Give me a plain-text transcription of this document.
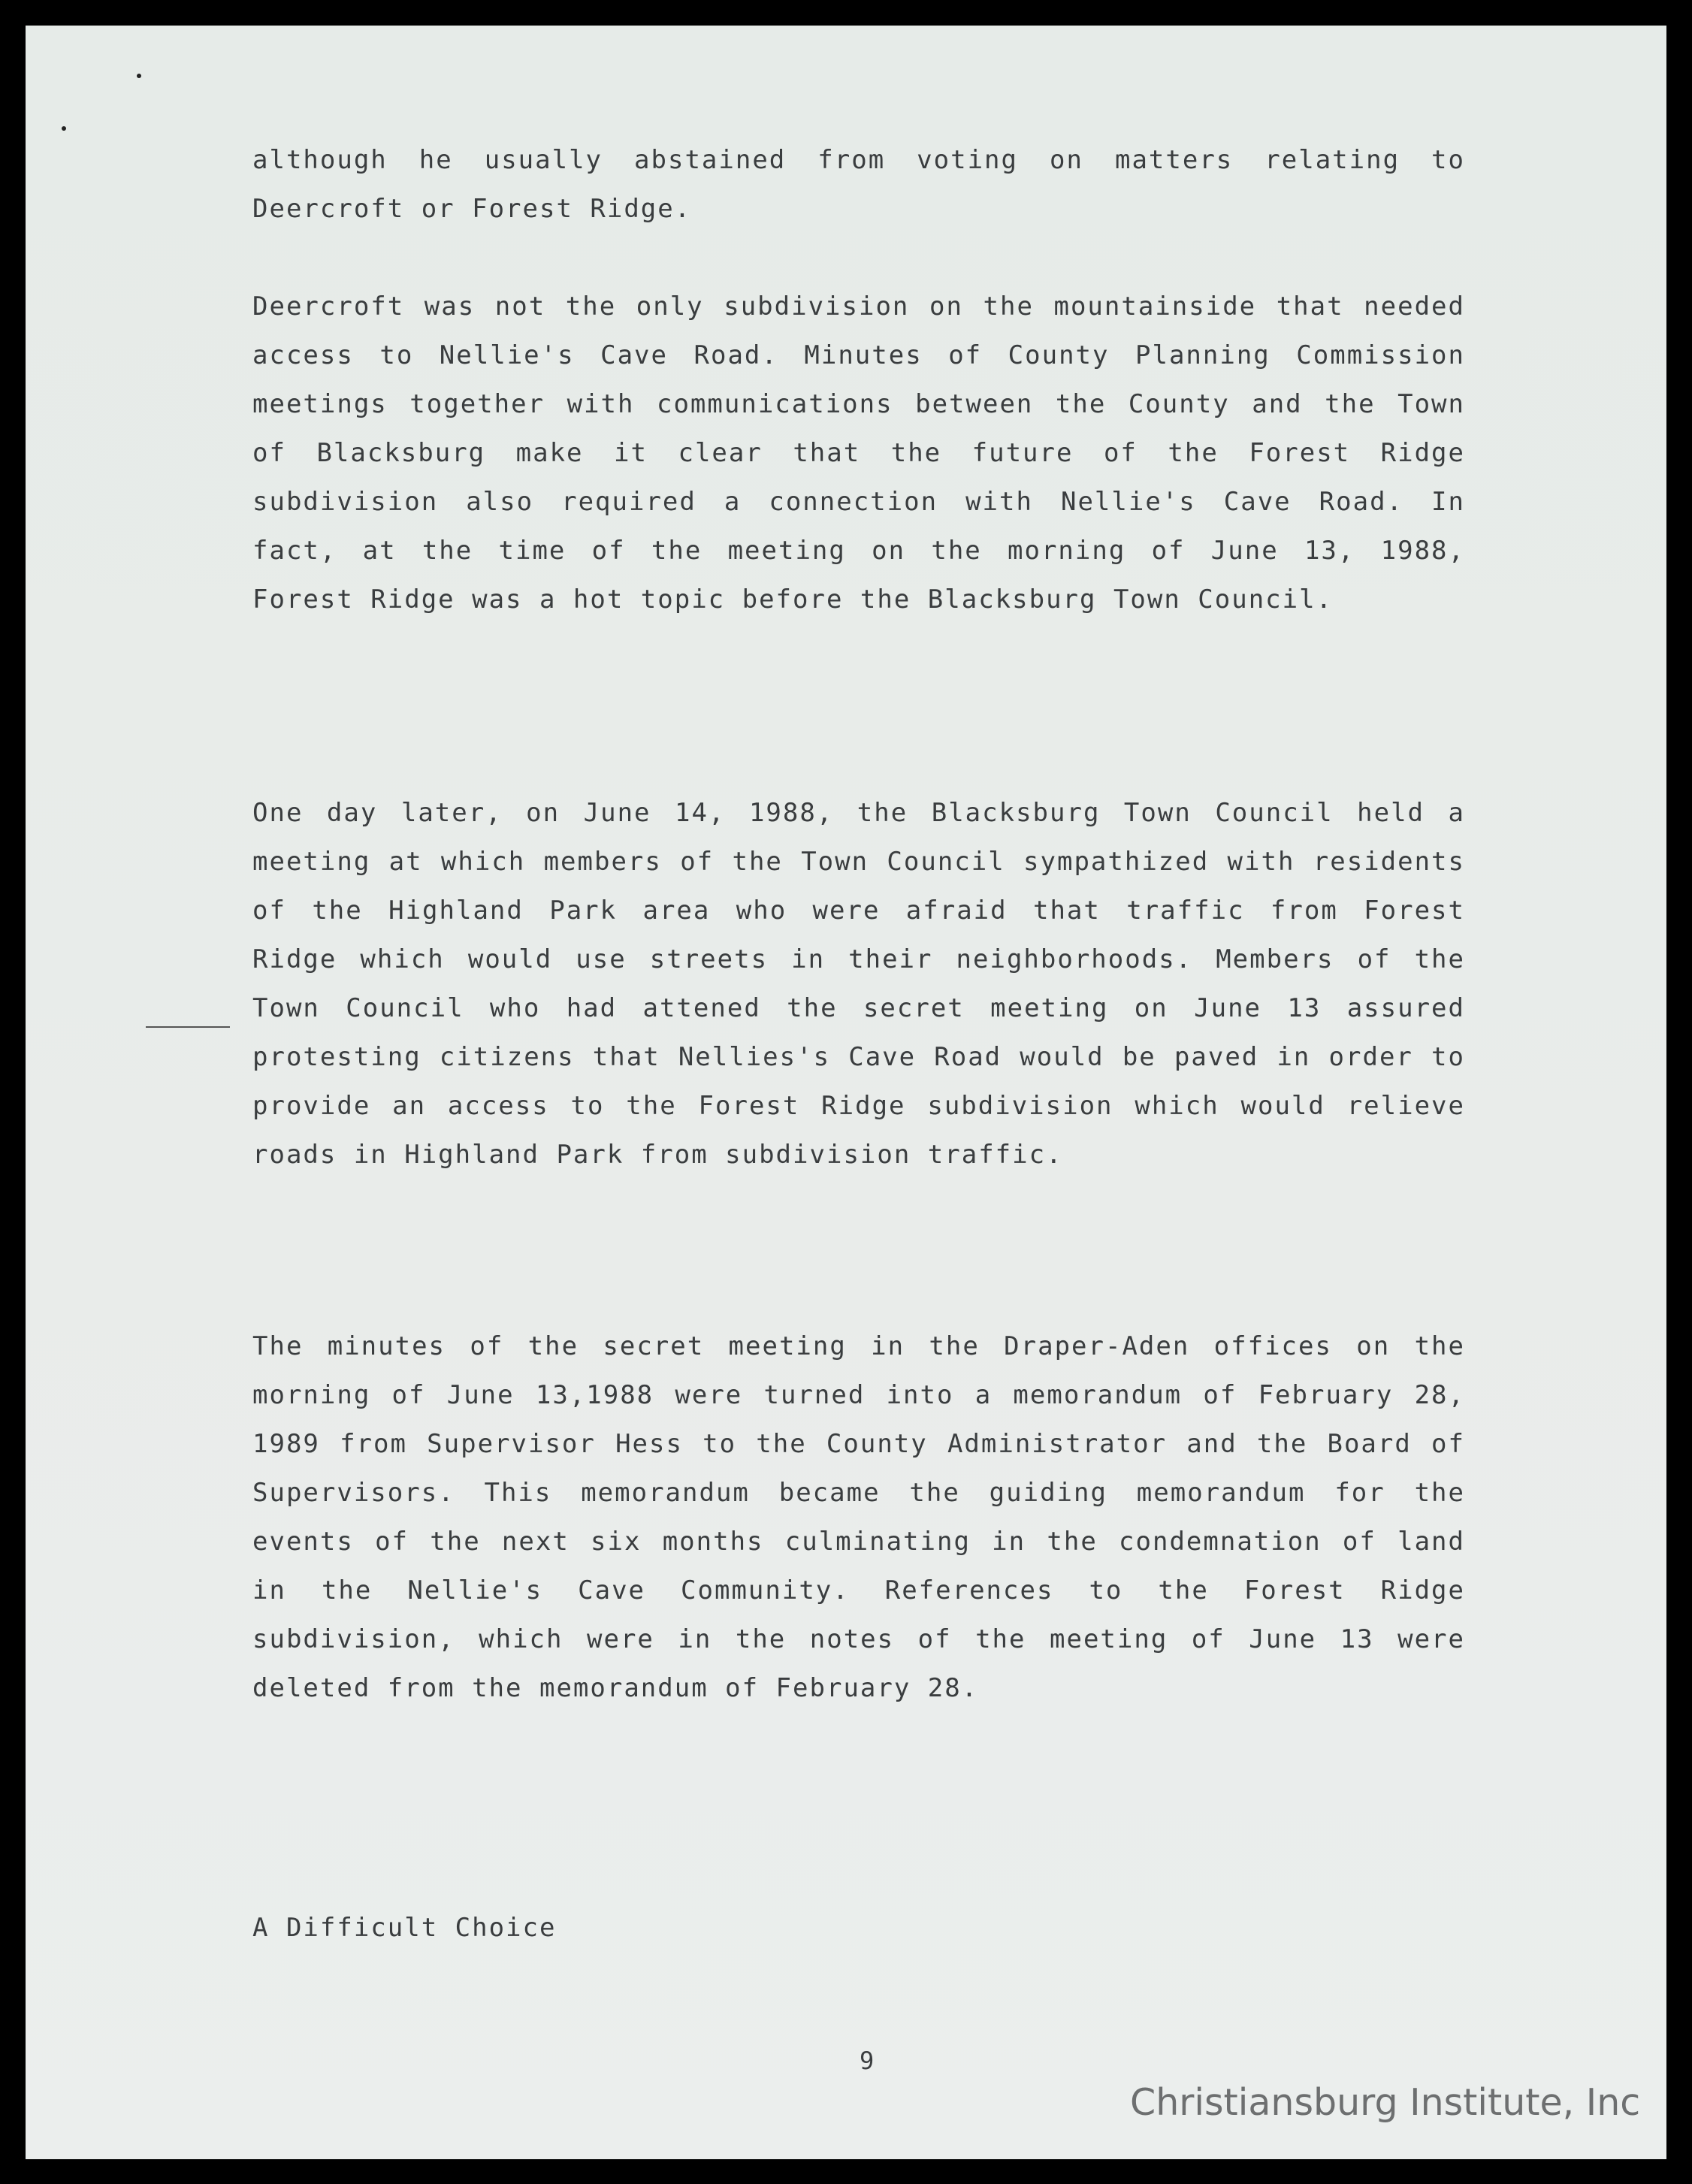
although he usually abstained from voting on matters relating to Deercroft or Forest Ridge.

Deercroft was not the only subdivision on the mountainside that needed access to Nellie's Cave Road. Minutes of County Planning Commission meetings together with communications between the County and the Town of Blacksburg make it clear that the future of the Forest Ridge subdivision also required a connection with Nellie's Cave Road. In fact, at the time of the meeting on the morning of June 13, 1988, Forest Ridge was a hot topic before the Blacksburg Town Council.

One day later, on June 14, 1988, the Blacksburg Town Council held a meeting at which members of the Town Council sympathized with residents of the Highland Park area who were afraid that traffic from Forest Ridge which would use streets in their neighborhoods. Members of the Town Council who had attened the secret meeting on June 13 assured protesting citizens that Nellies's Cave Road would be paved in order to provide an access to the Forest Ridge subdivision which would relieve roads in Highland Park from subdivision traffic.

The minutes of the secret meeting in the Draper-Aden offices on the morning of June 13,1988 were turned into a memorandum of February 28, 1989 from Supervisor Hess to the County Administrator and the Board of Supervisors. This memorandum became the guiding memorandum for the events of the next six months culminating in the condemnation of land in the Nellie's Cave Community. References to the Forest Ridge subdivision, which were in the notes of the meeting of June 13 were deleted from the memorandum of February 28.

A Difficult Choice

9
Christiansburg Institute, Inc
